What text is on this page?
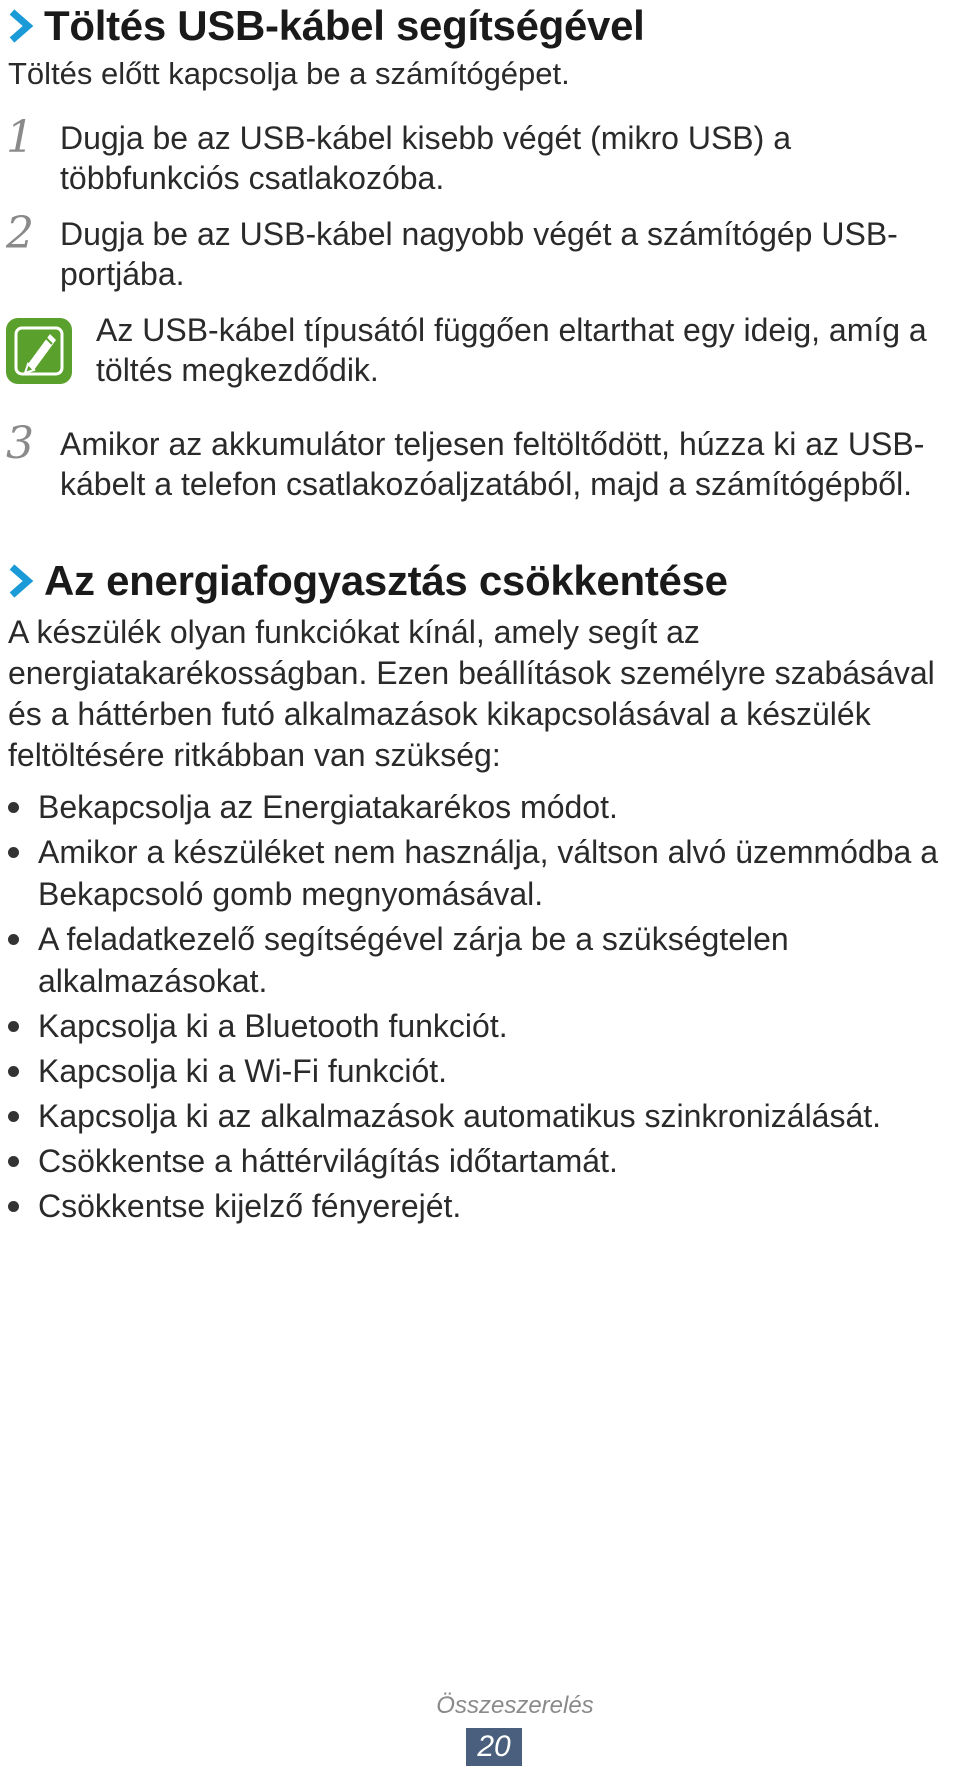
Töltés USB-kábel segítségével
Töltés előtt kapcsolja be a számítógépet.
1 Dugja be az USB-kábel kisebb végét (mikro USB) a többfunkciós csatlakozóba.
2 Dugja be az USB-kábel nagyobb végét a számítógép USB-portjába.
Az USB-kábel típusától függően eltarthat egy ideig, amíg a töltés megkezdődik.
3 Amikor az akkumulátor teljesen feltöltődött, húzza ki az USB-kábelt a telefon csatlakozóaljzatából, majd a számítógépből.
Az energiafogyasztás csökkentése
A készülék olyan funkciókat kínál, amely segít az energiatakarékosságban. Ezen beállítások személyre szabásával és a háttérben futó alkalmazások kikapcsolásával a készülék feltöltésére ritkábban van szükség:
Bekapcsolja az Energiatakarékos módot.
Amikor a készüléket nem használja, váltson alvó üzemmódba a Bekapcsoló gomb megnyomásával.
A feladatkezelő segítségével zárja be a szükségtelen alkalmazásokat.
Kapcsolja ki a Bluetooth funkciót.
Kapcsolja ki a Wi-Fi funkciót.
Kapcsolja ki az alkalmazások automatikus szinkronizálását.
Csökkentse a háttérvilágítás időtartamát.
Csökkentse kijelző fényerejét.
Összeszerelés
20
